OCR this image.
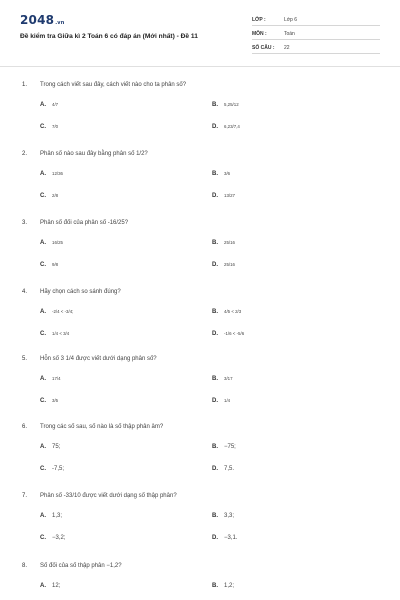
2048.vn
Đề kiểm tra Giữa kì 2 Toán 6 có đáp án (Mới nhất) - Đề 11
LỚP :	Lớp 6
MÔN :	Toán
SỐ CÂU : 22
1. Trong cách viết sau đây, cách viết nào cho ta phân số?
A. 4/7	B. 5,25/12
C. 7/0	D. 6,23/7,4
2. Phân số nào sau đây bằng phân số 1/2?
A. 12/36	B. 3/6
C. 2/8	D. 13/27
3. Phân số đối của phân số -16/25?
A. 16/25	B. 25/16
C. 9/8	D. 25/16
4. Hãy chọn cách so sánh đúng?
A. -2/4 < -3/4;	B. 4/5 < 2/3
C. 1/4 < 3/4	D. -1/6 < -5/6
5. Hỗn số 3 1/4 được viết dưới dạng phân số?
A. 17/4	B. 3/17
C. 3/5	D. 1/4
6. Trong các số sau, số nào là số thập phân âm?
A. 75;	B. −75;
C. -7,5;	D. 7,5.
7. Phân số -33/10 được viết dưới dạng số thập phân?
A. 1,3;	B. 3,3;
C. −3,2;	D. −3,1.
8. Số đối của số thập phân −1,2?
A. 12;	B. 1,2;
